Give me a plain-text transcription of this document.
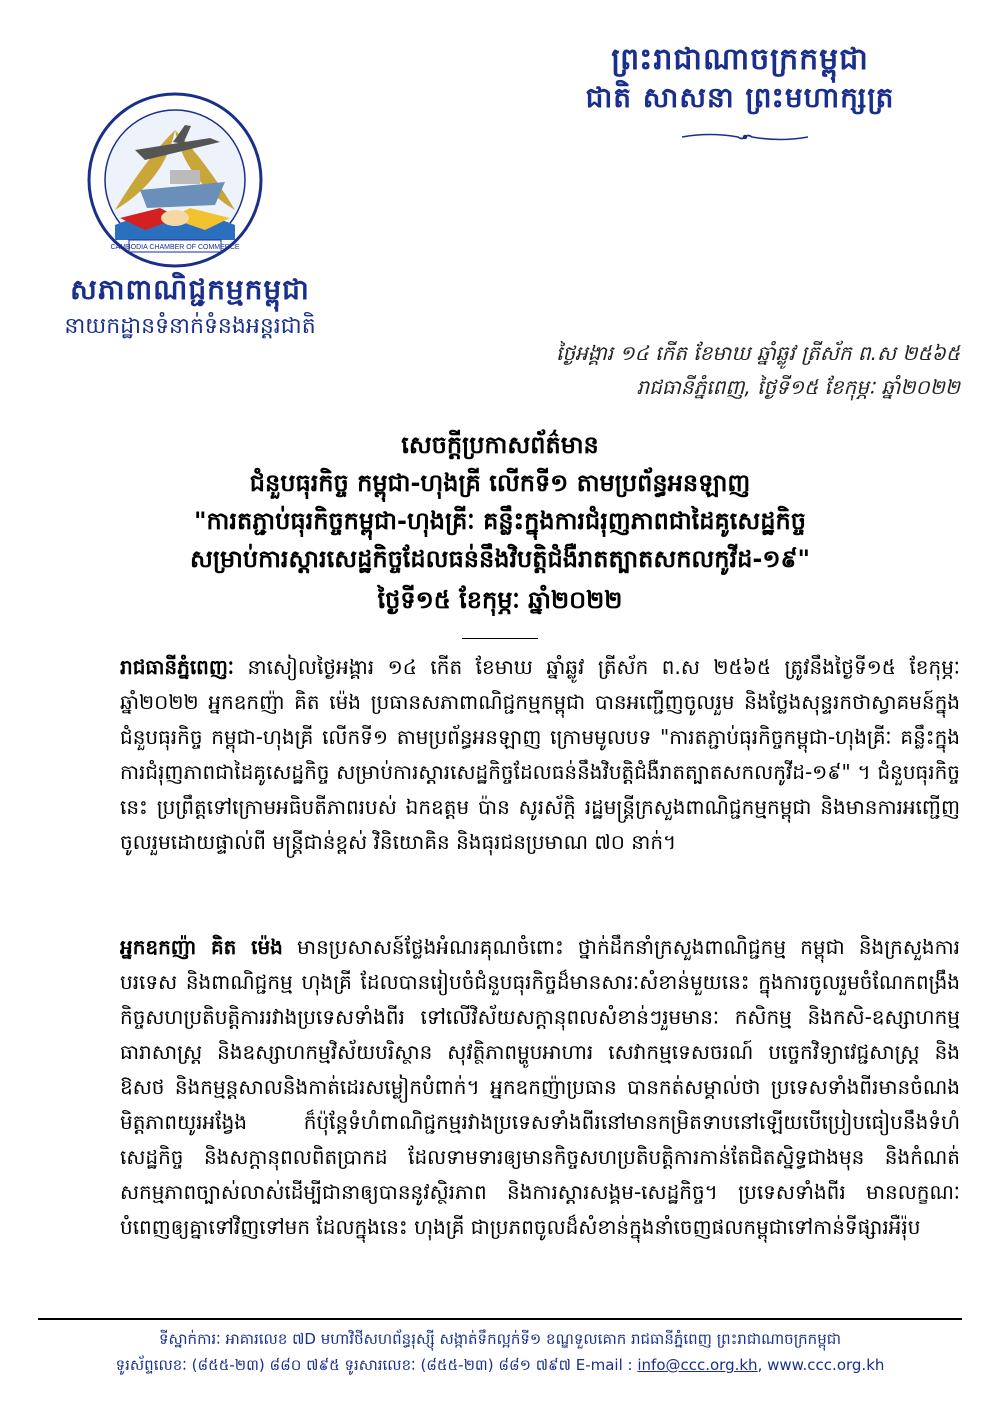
ព្រះរាជាណាចក្រកម្ពុជា
ជាតិ សាសនា ព្រះមហាក្សត្រ
CAMBODIA CHAMBER OF COMMERCE
សភាពាណិជ្ជកម្មកម្ពុជា
នាយកដ្ឋានទំនាក់ទំនងអន្តរជាតិ
ថ្ងៃអង្គារ ១៤ កើត ខែមាឃ ឆ្នាំឆ្លូវ ត្រីស័ក ព.ស ២៥៦៥
រាជធានីភ្នំពេញ, ថ្ងៃទី១៥ ខែកុម្ភៈ ឆ្នាំ២០២២
សេចក្តីប្រកាសព័ត៌មាន
ជំនួបធុរកិច្ច កម្ពុជា-ហុងគ្រី លើកទី១ តាមប្រព័ន្ធអនឡាញ
"ការតភ្ជាប់ធុរកិច្ចកម្ពុជា-ហុងគ្រីៈ គន្លឹះក្នុងការជំរុញភាពជាដៃគូសេដ្ឋកិច្ច
សម្រាប់ការស្តារសេដ្ឋកិច្ចដែលធន់នឹងវិបត្តិជំងឺរាតត្បាតសកលកូវីដ-១៩"
ថ្ងៃទី១៥ ខែកុម្ភៈ ឆ្នាំ២០២២

រាជធានីភ្នំពេញៈ នាសៀលថ្ងៃអង្គារ ១៤ កើត ខែមាឃ ឆ្នាំឆ្លូវ ត្រីស័ក ព.ស ២៥៦៥ ត្រូវនឹងថ្ងៃទី១៥ ខែកុម្ភៈ ឆ្នាំ២០២២ អ្នកឧកញ៉ា គិត ម៉េង ប្រធានសភាពាណិជ្ជកម្មកម្ពុជា បានអញ្ជើញចូលរួម និងថ្លែងសុន្ទរកថាស្វាគមន៍ក្នុងជំនួបធុរកិច្ច កម្ពុជា-ហុងគ្រី លើកទី១ តាមប្រព័ន្ធអនឡាញ ក្រោមមូលបទ "ការតភ្ជាប់ធុរកិច្ចកម្ពុជា-ហុងគ្រីៈ គន្លឹះក្នុងការជំរុញភាពជាដៃគូសេដ្ឋកិច្ច សម្រាប់ការស្តារសេដ្ឋកិច្ចដែលធន់នឹងវិបត្តិជំងឺរាតត្បាតសកលកូវីដ-១៩" ។ ជំនួបធុរកិច្ចនេះ ប្រព្រឹត្តទៅក្រោមអធិបតីភាពរបស់ ឯកឧត្តម ប៉ាន សូរស័ក្តិ រដ្ឋមន្ត្រីក្រសួងពាណិជ្ជកម្មកម្ពុជា និងមានការអញ្ជើញចូលរួមដោយផ្ទាល់ពី មន្ត្រីជាន់ខ្ពស់ វិនិយោគិន និងធុរជនប្រមាណ ៧០ នាក់។

អ្នកឧកញ៉ា គិត ម៉េង មានប្រសាសន៍ថ្លែងអំណរគុណចំពោះ ថ្នាក់ដឹកនាំក្រសួងពាណិជ្ជកម្ម កម្ពុជា និងក្រសួងការបរទេស និងពាណិជ្ជកម្ម ហុងគ្រី ដែលបានរៀបចំជំនួបធុរកិច្ចដ៏មានសារៈសំខាន់មួយនេះ ក្នុងការចូលរួមចំណែកពង្រឹងកិច្ចសហប្រតិបត្តិការរវាងប្រទេសទាំងពីរ ទៅលើវិស័យសក្តានុពលសំខាន់ៗរួមមានៈ កសិកម្ម និងកសិ-ឧស្សាហកម្ម ធារាសាស្ត្រ និងឧស្សាហកម្មវិស័យបរិស្ថាន សុវត្ថិភាពម្ហូបអាហារ សេវាកម្មទេសចរណ៍ បច្ចេកវិទ្យាវេជ្ជសាស្ត្រ និង ឱសថ និងកម្មន្តសាលនិងកាត់ដេរសម្លៀកបំពាក់។ អ្នកឧកញ៉ាប្រធាន បានកត់សម្គាល់ថា ប្រទេសទាំងពីរមានចំណងមិត្តភាពយូរអង្វែង ក៏ប៉ុន្តែទំហំពាណិជ្ជកម្មរវាងប្រទេសទាំងពីរនៅមានកម្រិតទាបនៅឡើយបើប្រៀបធៀបនឹងទំហំសេដ្ឋកិច្ច និងសក្តានុពលពិតប្រាកដ ដែលទាមទារឲ្យមានកិច្ចសហប្រតិបត្តិការកាន់តែជិតស្និទ្ធជាងមុន និងកំណត់សកម្មភាពច្បាស់លាស់ដើម្បីជានាឲ្យបាននូវស្ថិរភាព និងការស្តារសង្គម-សេដ្ឋកិច្ច។ ប្រទេសទាំងពីរ មានលក្ខណៈបំពេញឲ្យគ្នាទៅវិញទៅមក ដែលក្នុងនេះ ហុងគ្រី ជាប្រភពចូលដ៏សំខាន់ក្នុងនាំចេញផលកម្ពុជាទៅកាន់ទីផ្សារអឺរ៉ុប

ទីស្នាក់ការៈ អាគារលេខ ៧D មហាវិថីសហព័ន្ធរុស្ស៊ី សង្កាត់ទឹកល្អក់ទី១ ខណ្ឌទួលគោក រាជធានីភ្នំពេញ ព្រះរាជាណាចក្រកម្ពុជា
ទូរស័ព្ទលេខៈ (៨៥៥-២៣) ៨៨០ ៧៩៥ ទូរសារលេខៈ (៨៥៥-២៣) ៨៨១ ៧៩៧ E-mail : info@ccc.org.kh, www.ccc.org.kh
